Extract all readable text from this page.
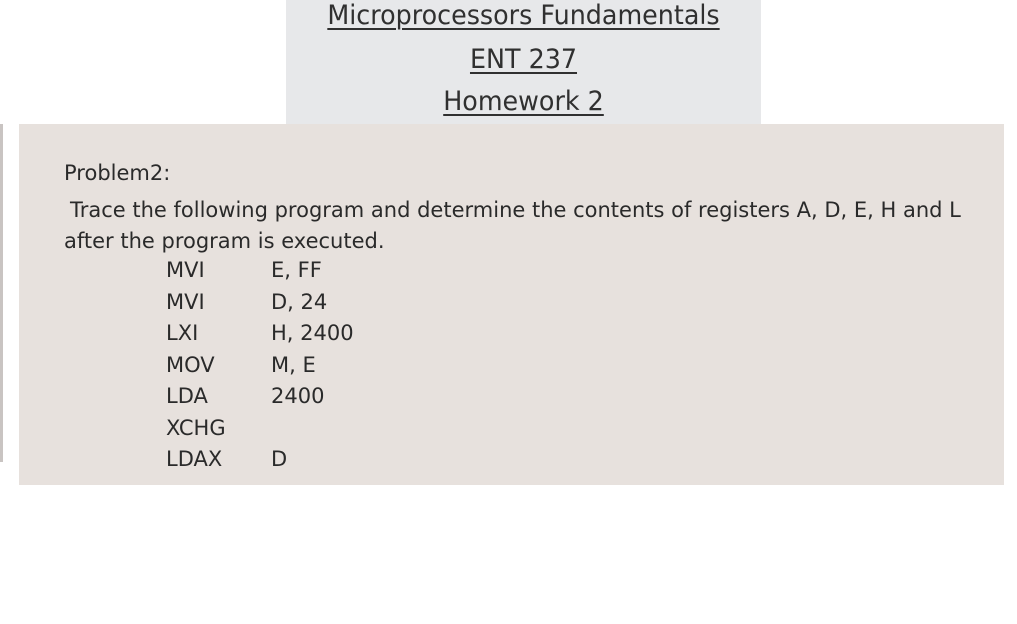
Microprocessors Fundamentals
ENT 237
Homework 2
Problem2:
Trace the following program and determine the contents of registers A, D, E, H and L
after the program is executed.
MVI	E, FF
MVI	D, 24
LXI	H, 2400
MOV	M, E
LDA	2400
XCHG
LDAX D
